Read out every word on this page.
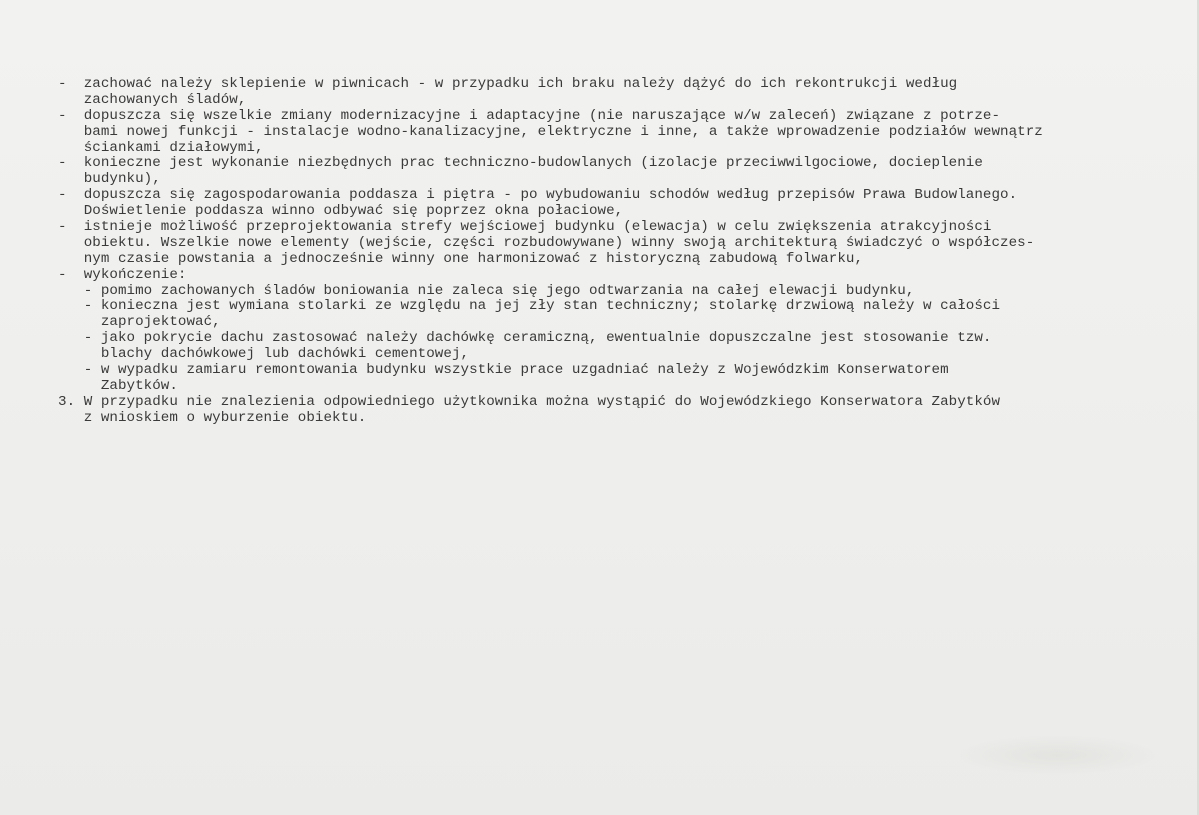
-  zachować należy sklepienie w piwnicach - w przypadku ich braku należy dążyć do ich rekontrukcji według
zachowanych śladów,
-  dopuszcza się wszelkie zmiany modernizacyjne i adaptacyjne (nie naruszające w/w zaleceń) związane z potrze-
bami nowej funkcji - instalacje wodno-kanalizacyjne, elektryczne i inne, a także wprowadzenie podziałów wewnątrz
ściankami działowymi,
-  konieczne jest wykonanie niezbędnych prac techniczno-budowlanych (izolacje przeciwwilgociowe, docieplenie
budynku),
-  dopuszcza się zagospodarowania poddasza i piętra - po wybudowaniu schodów według przepisów Prawa Budowlanego.
Doświetlenie poddasza winno odbywać się poprzez okna połaciowe,
-  istnieje możliwość przeprojektowania strefy wejściowej budynku (elewacja) w celu zwiększenia atrakcyjności
obiektu. Wszelkie nowe elementy (wejście, części rozbudowywane) winny swoją architekturą świadczyć o współczes-
nym czasie powstania a jednocześnie winny one harmonizować z historyczną zabudową folwarku,
-  wykończenie:
- pomimo zachowanych śladów boniowania nie zaleca się jego odtwarzania na całej elewacji budynku,
- konieczna jest wymiana stolarki ze względu na jej zły stan techniczny; stolarkę drzwiową należy w całości
zaprojektować,
- jako pokrycie dachu zastosować należy dachówkę ceramiczną, ewentualnie dopuszczalne jest stosowanie tzw.
blachy dachówkowej lub dachówki cementowej,
- w wypadku zamiaru remontowania budynku wszystkie prace uzgadniać należy z Wojewódzkim Konserwatorem
Zabytków.
3. W przypadku nie znalezienia odpowiedniego użytkownika można wystąpić do Wojewódzkiego Konserwatora Zabytków
z wnioskiem o wyburzenie obiektu.
